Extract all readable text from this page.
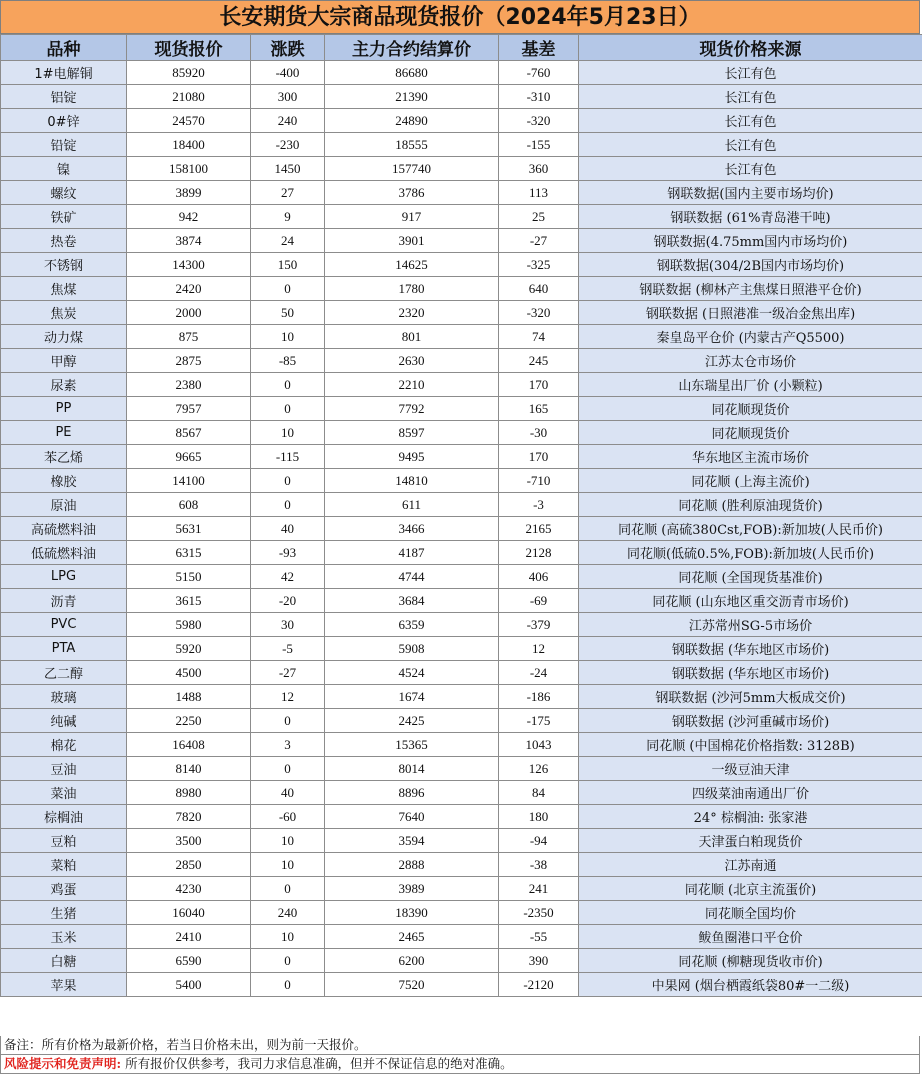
长安期货大宗商品现货报价（2024年5月23日）
品种	现货报价	涨跌	主力合约结算价	基差	现货价格来源
1#电解铜	85920	-400	86680	-760	长江有色
铝锭	21080	300	21390	-310	长江有色
0#锌	24570	240	24890	-320	长江有色
铅锭	18400	-230	18555	-155	长江有色
镍	158100	1450	157740	360	长江有色
螺纹	3899	27	3786	113	钢联数据(国内主要市场均价)
铁矿	942	9	917	25	钢联数据 (61%青岛港干吨)
热卷	3874	24	3901	-27	钢联数据(4.75mm国内市场均价)
不锈钢	14300	150	14625	-325	钢联数据(304/2B国内市场均价)
焦煤	2420	0	1780	640	钢联数据 (柳林产主焦煤日照港平仓价)
焦炭	2000	50	2320	-320	钢联数据 (日照港准一级冶金焦出库)
动力煤	875	10	801	74	秦皇岛平仓价 (内蒙古产Q5500)
甲醇	2875	-85	2630	245	江苏太仓市场价
尿素	2380	0	2210	170	山东瑞星出厂价 (小颗粒)
PP	7957	0	7792	165	同花顺现货价
PE	8567	10	8597	-30	同花顺现货价
苯乙烯	9665	-115	9495	170	华东地区主流市场价
橡胶	14100	0	14810	-710	同花顺 (上海主流价)
原油	608	0	611	-3	同花顺 (胜利原油现货价)
高硫燃料油	5631	40	3466	2165	同花顺 (高硫380Cst,FOB):新加坡(人民币价)
低硫燃料油	6315	-93	4187	2128	同花顺(低硫0.5%,FOB):新加坡(人民币价)
LPG	5150	42	4744	406	同花顺 (全国现货基准价)
沥青	3615	-20	3684	-69	同花顺 (山东地区重交沥青市场价)
PVC	5980	30	6359	-379	江苏常州SG-5市场价
PTA	5920	-5	5908	12	钢联数据 (华东地区市场价)
乙二醇	4500	-27	4524	-24	钢联数据 (华东地区市场价)
玻璃	1488	12	1674	-186	钢联数据 (沙河5mm大板成交价)
纯碱	2250	0	2425	-175	钢联数据 (沙河重碱市场价)
棉花	16408	3	15365	1043	同花顺 (中国棉花价格指数: 3128B)
豆油	8140	0	8014	126	一级豆油天津
菜油	8980	40	8896	84	四级菜油南通出厂价
棕榈油	7820	-60	7640	180	24° 棕榈油: 张家港
豆粕	3500	10	3594	-94	天津蛋白粕现货价
菜粕	2850	10	2888	-38	江苏南通
鸡蛋	4230	0	3989	241	同花顺 (北京主流蛋价)
生猪	16040	240	18390	-2350	同花顺全国均价
玉米	2410	10	2465	-55	鲅鱼圈港口平仓价
白糖	6590	0	6200	390	同花顺 (柳糖现货收市价)
苹果	5400	0	7520	-2120	中果网 (烟台栖霞纸袋80#一二级)
备注：所有价格为最新价格，若当日价格未出，则为前一天报价。
风险提示和免责声明: 所有报价仅供参考，我司力求信息准确，但并不保证信息的绝对准确。
